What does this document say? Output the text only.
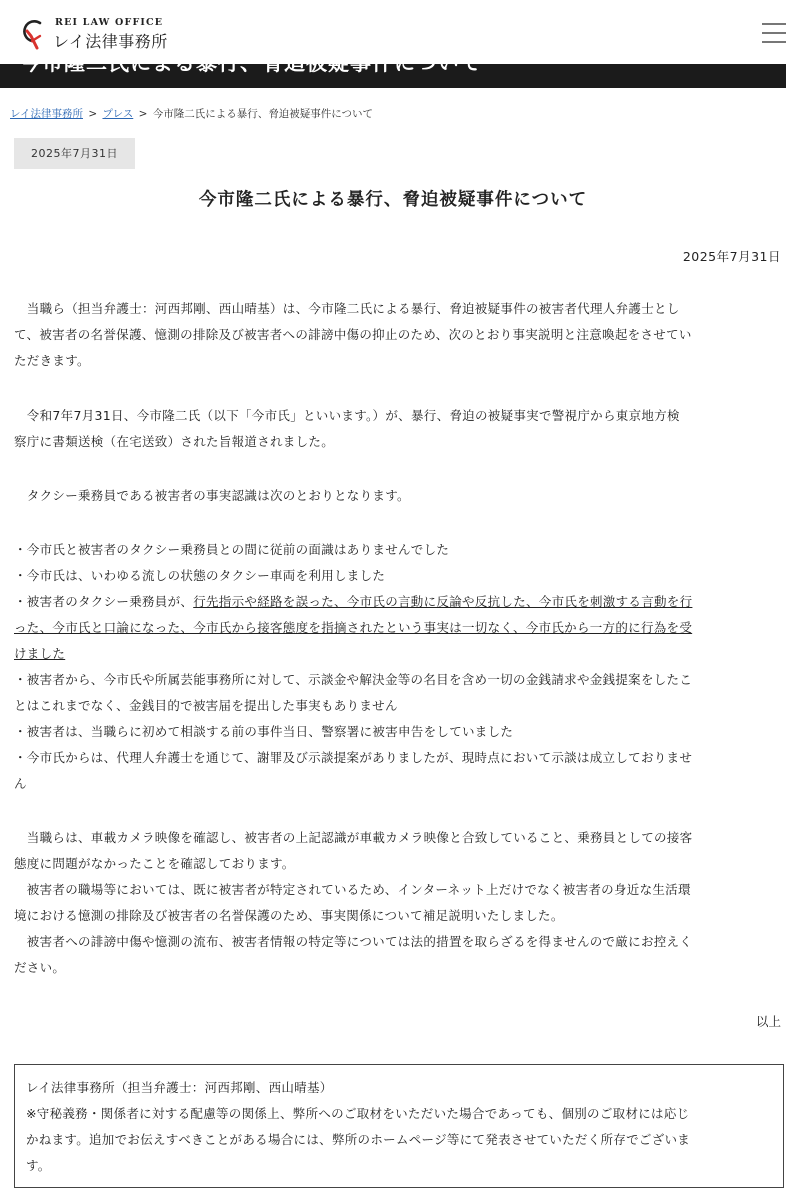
REI LAW OFFICE
レイ法律事務所
今市隆二氏による暴行、脅迫被疑事件について
レイ法律事務所 > プレス > 今市隆二氏による暴行、脅迫被疑事件について
2025年7月31日
今市隆二氏による暴行、脅迫被疑事件について
2025年7月31日
　当職ら（担当弁護士：河西邦剛、西山晴基）は、今市隆二氏による暴行、脅迫被疑事件の被害者代理人弁護士とし
て、被害者の名誉保護、憶測の排除及び被害者への誹謗中傷の抑止のため、次のとおり事実説明と注意喚起をさせてい
ただきます。
　令和7年7月31日、今市隆二氏（以下「今市氏」といいます。）が、暴行、脅迫の被疑事実で警視庁から東京地方検
察庁に書類送検（在宅送致）された旨報道されました。
　タクシー乗務員である被害者の事実認識は次のとおりとなります。
・今市氏と被害者のタクシー乗務員との間に従前の面識はありませんでした
・今市氏は、いわゆる流しの状態のタクシー車両を利用しました
・被害者のタクシー乗務員が、行先指示や経路を誤った、今市氏の言動に反論や反抗した、今市氏を刺激する言動を行
った、今市氏と口論になった、今市氏から接客態度を指摘されたという事実は一切なく、今市氏から一方的に行為を受
けました
・被害者から、今市氏や所属芸能事務所に対して、示談金や解決金等の名目を含め一切の金銭請求や金銭提案をしたこ
とはこれまでなく、金銭目的で被害届を提出した事実もありません
・被害者は、当職らに初めて相談する前の事件当日、警察署に被害申告をしていました
・今市氏からは、代理人弁護士を通じて、謝罪及び示談提案がありましたが、現時点において示談は成立しておりませ
ん
　当職らは、車載カメラ映像を確認し、被害者の上記認識が車載カメラ映像と合致していること、乗務員としての接客
態度に問題がなかったことを確認しております。
　被害者の職場等においては、既に被害者が特定されているため、インターネット上だけでなく被害者の身近な生活環
境における憶測の排除及び被害者の名誉保護のため、事実関係について補足説明いたしました。
　被害者への誹謗中傷や憶測の流布、被害者情報の特定等については法的措置を取らざるを得ませんので厳にお控えく
ださい。
以上
レイ法律事務所（担当弁護士：河西邦剛、西山晴基）
※守秘義務・関係者に対する配慮等の関係上、弊所へのご取材をいただいた場合であっても、個別のご取材には応じ
かねます。追加でお伝えすべきことがある場合には、弊所のホームページ等にて発表させていただく所存でございま
す。
